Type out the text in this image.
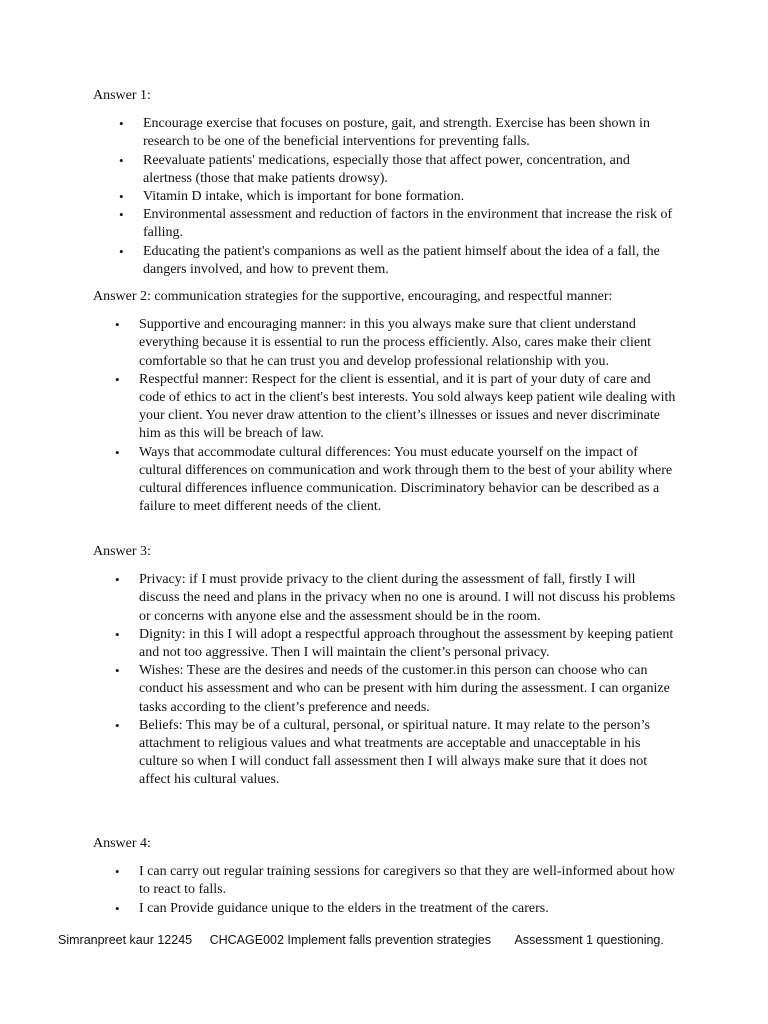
Answer 1:

• Encourage exercise that focuses on posture, gait, and strength. Exercise has been shown in research to be one of the beneficial interventions for preventing falls.
• Reevaluate patients' medications, especially those that affect power, concentration, and alertness (those that make patients drowsy).
• Vitamin D intake, which is important for bone formation.
• Environmental assessment and reduction of factors in the environment that increase the risk of falling.
• Educating the patient's companions as well as the patient himself about the idea of a fall, the dangers involved, and how to prevent them.

Answer 2: communication strategies for the supportive, encouraging, and respectful manner:

• Supportive and encouraging manner: in this you always make sure that client understand everything because it is essential to run the process efficiently. Also, cares make their client comfortable so that he can trust you and develop professional relationship with you.
• Respectful manner: Respect for the client is essential, and it is part of your duty of care and code of ethics to act in the client's best interests. You sold always keep patient wile dealing with your client. You never draw attention to the client’s illnesses or issues and never discriminate him as this will be breach of law.
• Ways that accommodate cultural differences: You must educate yourself on the impact of cultural differences on communication and work through them to the best of your ability where cultural differences influence communication. Discriminatory behavior can be described as a failure to meet different needs of the client.

Answer 3:

• Privacy: if I must provide privacy to the client during the assessment of fall, firstly I will discuss the need and plans in the privacy when no one is around. I will not discuss his problems or concerns with anyone else and the assessment should be in the room.
• Dignity: in this I will adopt a respectful approach throughout the assessment by keeping patient and not too aggressive. Then I will maintain the client’s personal privacy.
• Wishes: These are the desires and needs of the customer.in this person can choose who can conduct his assessment and who can be present with him during the assessment. I can organize tasks according to the client’s preference and needs.
• Beliefs: This may be of a cultural, personal, or spiritual nature. It may relate to the person’s attachment to religious values and what treatments are acceptable and unacceptable in his culture so when I will conduct fall assessment then I will always make sure that it does not affect his cultural values.

Answer 4:

• I can carry out regular training sessions for caregivers so that they are well-informed about how to react to falls.
• I can Provide guidance unique to the elders in the treatment of the carers.
Simranpreet kaur 12245 CHCAGE002 Implement falls prevention strategies Assessment 1 questioning.
